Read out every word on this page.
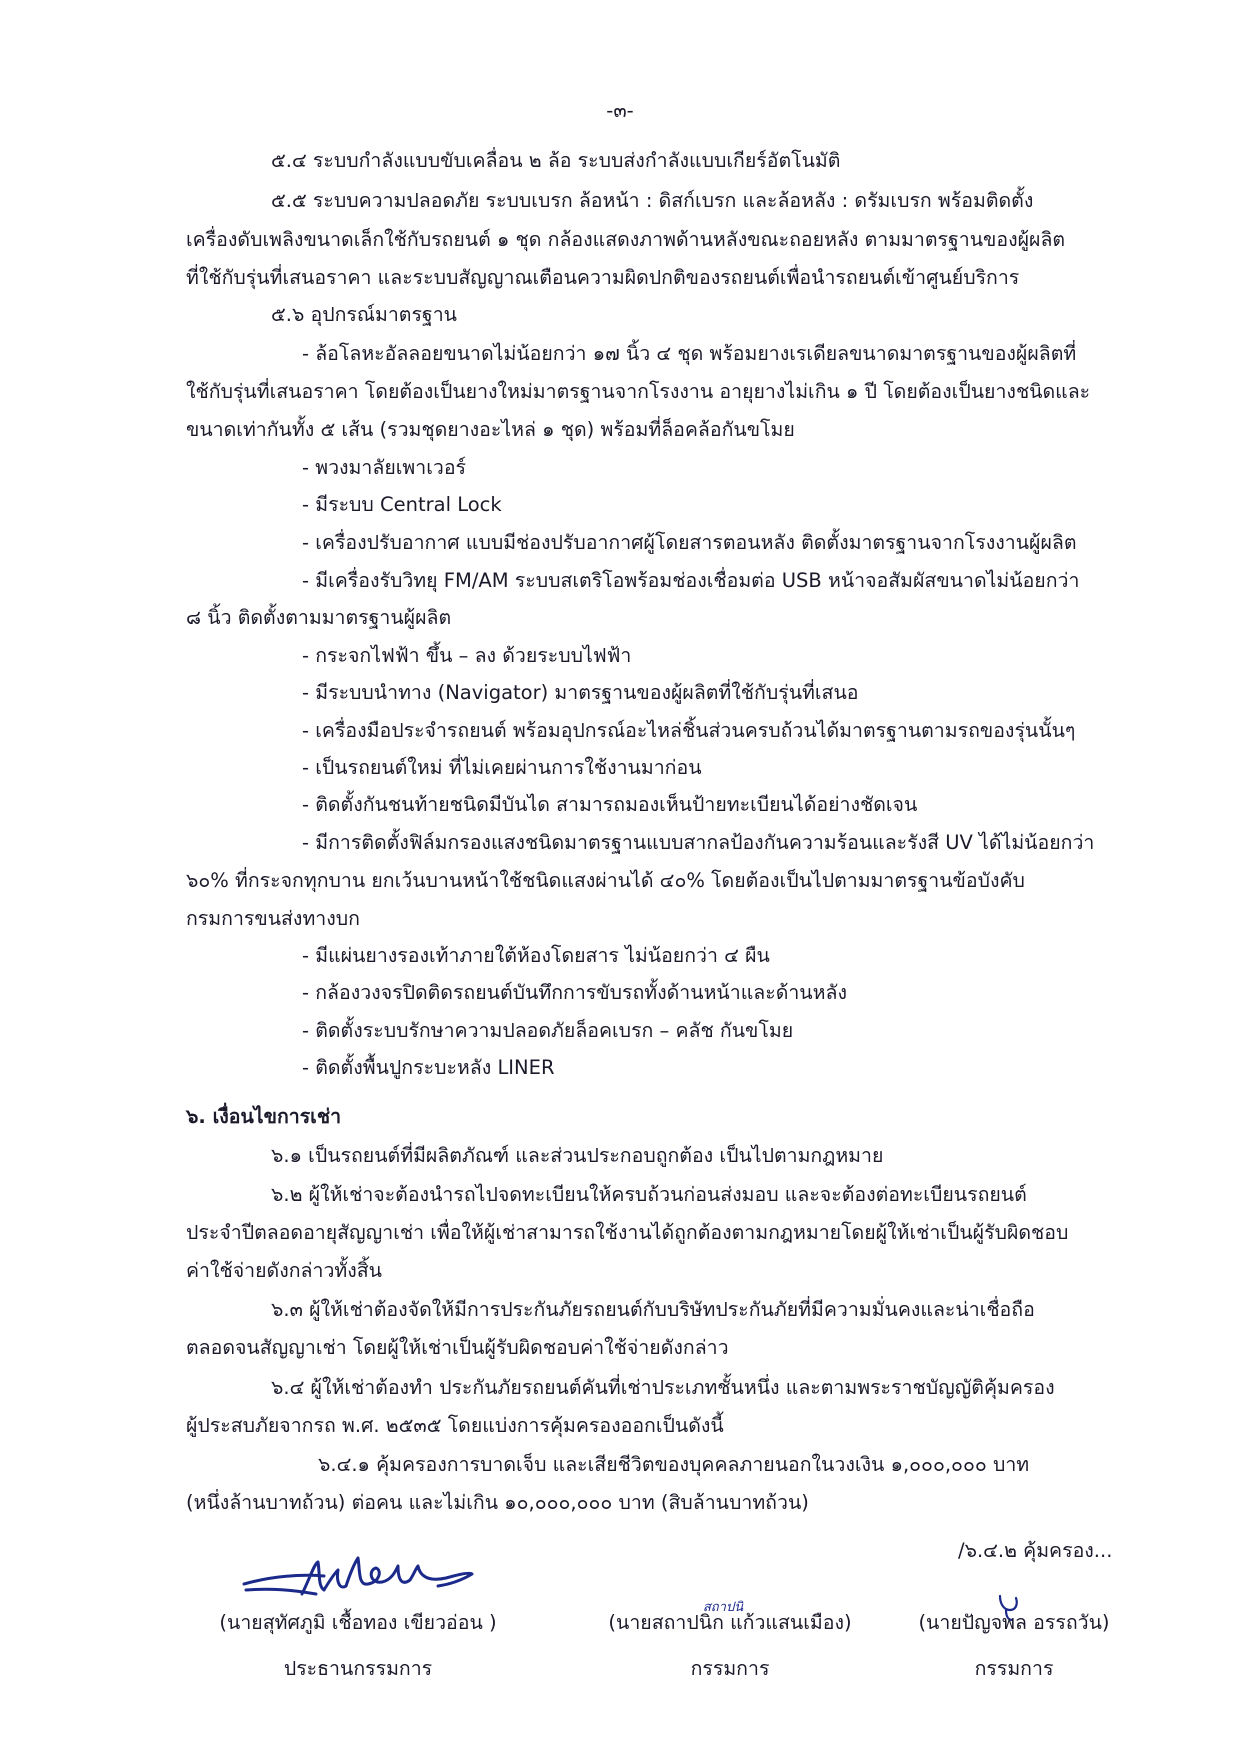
-๓-
๕.๔ ระบบกำลังแบบขับเคลื่อน ๒ ล้อ ระบบส่งกำลังแบบเกียร์อัตโนมัติ
๕.๕ ระบบความปลอดภัย ระบบเบรก ล้อหน้า : ดิสก์เบรก และล้อหลัง : ดรัมเบรก พร้อมติดตั้ง
เครื่องดับเพลิงขนาดเล็กใช้กับรถยนต์ ๑ ชุด กล้องแสดงภาพด้านหลังขณะถอยหลัง ตามมาตรฐานของผู้ผลิต
ที่ใช้กับรุ่นที่เสนอราคา และระบบสัญญาณเตือนความผิดปกติของรถยนต์เพื่อนำรถยนต์เข้าศูนย์บริการ
๕.๖ อุปกรณ์มาตรฐาน
- ล้อโลหะอัลลอยขนาดไม่น้อยกว่า ๑๗ นิ้ว ๔ ชุด พร้อมยางเรเดียลขนาดมาตรฐานของผู้ผลิตที่
ใช้กับรุ่นที่เสนอราคา โดยต้องเป็นยางใหม่มาตรฐานจากโรงงาน อายุยางไม่เกิน ๑ ปี โดยต้องเป็นยางชนิดและ
ขนาดเท่ากันทั้ง ๕ เส้น (รวมชุดยางอะไหล่ ๑ ชุด) พร้อมที่ล็อคล้อกันขโมย
- พวงมาลัยเพาเวอร์
- มีระบบ Central Lock
- เครื่องปรับอากาศ แบบมีช่องปรับอากาศผู้โดยสารตอนหลัง ติดตั้งมาตรฐานจากโรงงานผู้ผลิต
- มีเครื่องรับวิทยุ FM/AM ระบบสเตริโอพร้อมช่องเชื่อมต่อ USB หน้าจอสัมผัสขนาดไม่น้อยกว่า
๘ นิ้ว ติดตั้งตามมาตรฐานผู้ผลิต
- กระจกไฟฟ้า ขึ้น – ลง ด้วยระบบไฟฟ้า
- มีระบบนำทาง (Navigator) มาตรฐานของผู้ผลิตที่ใช้กับรุ่นที่เสนอ
- เครื่องมือประจำรถยนต์ พร้อมอุปกรณ์อะไหล่ชิ้นส่วนครบถ้วนได้มาตรฐานตามรถของรุ่นนั้นๆ
- เป็นรถยนต์ใหม่ ที่ไม่เคยผ่านการใช้งานมาก่อน
- ติดตั้งกันชนท้ายชนิดมีบันได สามารถมองเห็นป้ายทะเบียนได้อย่างชัดเจน
- มีการติดตั้งฟิล์มกรองแสงชนิดมาตรฐานแบบสากลป้องกันความร้อนและรังสี UV ได้ไม่น้อยกว่า
๖๐% ที่กระจกทุกบาน ยกเว้นบานหน้าใช้ชนิดแสงผ่านได้ ๔๐% โดยต้องเป็นไปตามมาตรฐานข้อบังคับ
กรมการขนส่งทางบก
- มีแผ่นยางรองเท้าภายใต้ห้องโดยสาร ไม่น้อยกว่า ๔ ผืน
- กล้องวงจรปิดติดรถยนต์บันทึกการขับรถทั้งด้านหน้าและด้านหลัง
- ติดตั้งระบบรักษาความปลอดภัยล็อคเบรก – คลัช กันขโมย
- ติดตั้งพื้นปูกระบะหลัง LINER
๖. เงื่อนไขการเช่า
๖.๑ เป็นรถยนต์ที่มีผลิตภัณฑ์ และส่วนประกอบถูกต้อง เป็นไปตามกฎหมาย
๖.๒ ผู้ให้เช่าจะต้องนำรถไปจดทะเบียนให้ครบถ้วนก่อนส่งมอบ และจะต้องต่อทะเบียนรถยนต์
ประจำปีตลอดอายุสัญญาเช่า เพื่อให้ผู้เช่าสามารถใช้งานได้ถูกต้องตามกฎหมายโดยผู้ให้เช่าเป็นผู้รับผิดชอบ
ค่าใช้จ่ายดังกล่าวทั้งสิ้น
๖.๓ ผู้ให้เช่าต้องจัดให้มีการประกันภัยรถยนต์กับบริษัทประกันภัยที่มีความมั่นคงและน่าเชื่อถือ
ตลอดจนสัญญาเช่า โดยผู้ให้เช่าเป็นผู้รับผิดชอบค่าใช้จ่ายดังกล่าว
๖.๔ ผู้ให้เช่าต้องทำ ประกันภัยรถยนต์คันที่เช่าประเภทชั้นหนึ่ง และตามพระราชบัญญัติคุ้มครอง
ผู้ประสบภัยจากรถ พ.ศ. ๒๕๓๕ โดยแบ่งการคุ้มครองออกเป็นดังนี้
๖.๔.๑ คุ้มครองการบาดเจ็บ และเสียชีวิตของบุคคลภายนอกในวงเงิน ๑,๐๐๐,๐๐๐ บาท
(หนึ่งล้านบาทถ้วน) ต่อคน และไม่เกิน ๑๐,๐๐๐,๐๐๐ บาท (สิบล้านบาทถ้วน)
/๖.๔.๒ คุ้มครอง...
สถาปนิ
(นายสุทัศภูมิ เชื้อทอง เขียวอ่อน )
ประธานกรรมการ
(นายสถาปนิก แก้วแสนเมือง)
กรรมการ
(นายปัญจพล อรรถวัน)
กรรมการ
